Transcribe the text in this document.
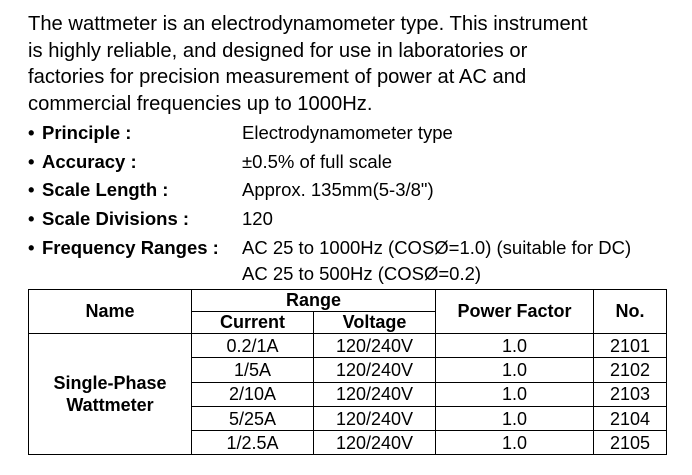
The wattmeter is an electrodynamometer type. This instrument

is highly reliable, and designed for use in laboratories or

factories for precision measurement of power at AC and

commercial frequencies up to 1000Hz.

• Principle :	Electrodynamometer type
• Accuracy :	±0.5% of full scale
• Scale Length :	Approx. 135mm(5-3/8")
• Scale Divisions :	120
• Frequency Ranges :	AC 25 to 1000Hz (COSØ=1.0) (suitable for DC)
AC 25 to 500Hz (COSØ=0.2)
Name	Range		Power Factor	No.
	Current	Voltage		
Single-Phase
Wattmeter	0.2/1A	120/240V	1.0	2101
	1/5A	120/240V	1.0	2102
	2/10A	120/240V	1.0	2103
	5/25A	120/240V	1.0	2104
	1/2.5A	120/240V	1.0	2105
